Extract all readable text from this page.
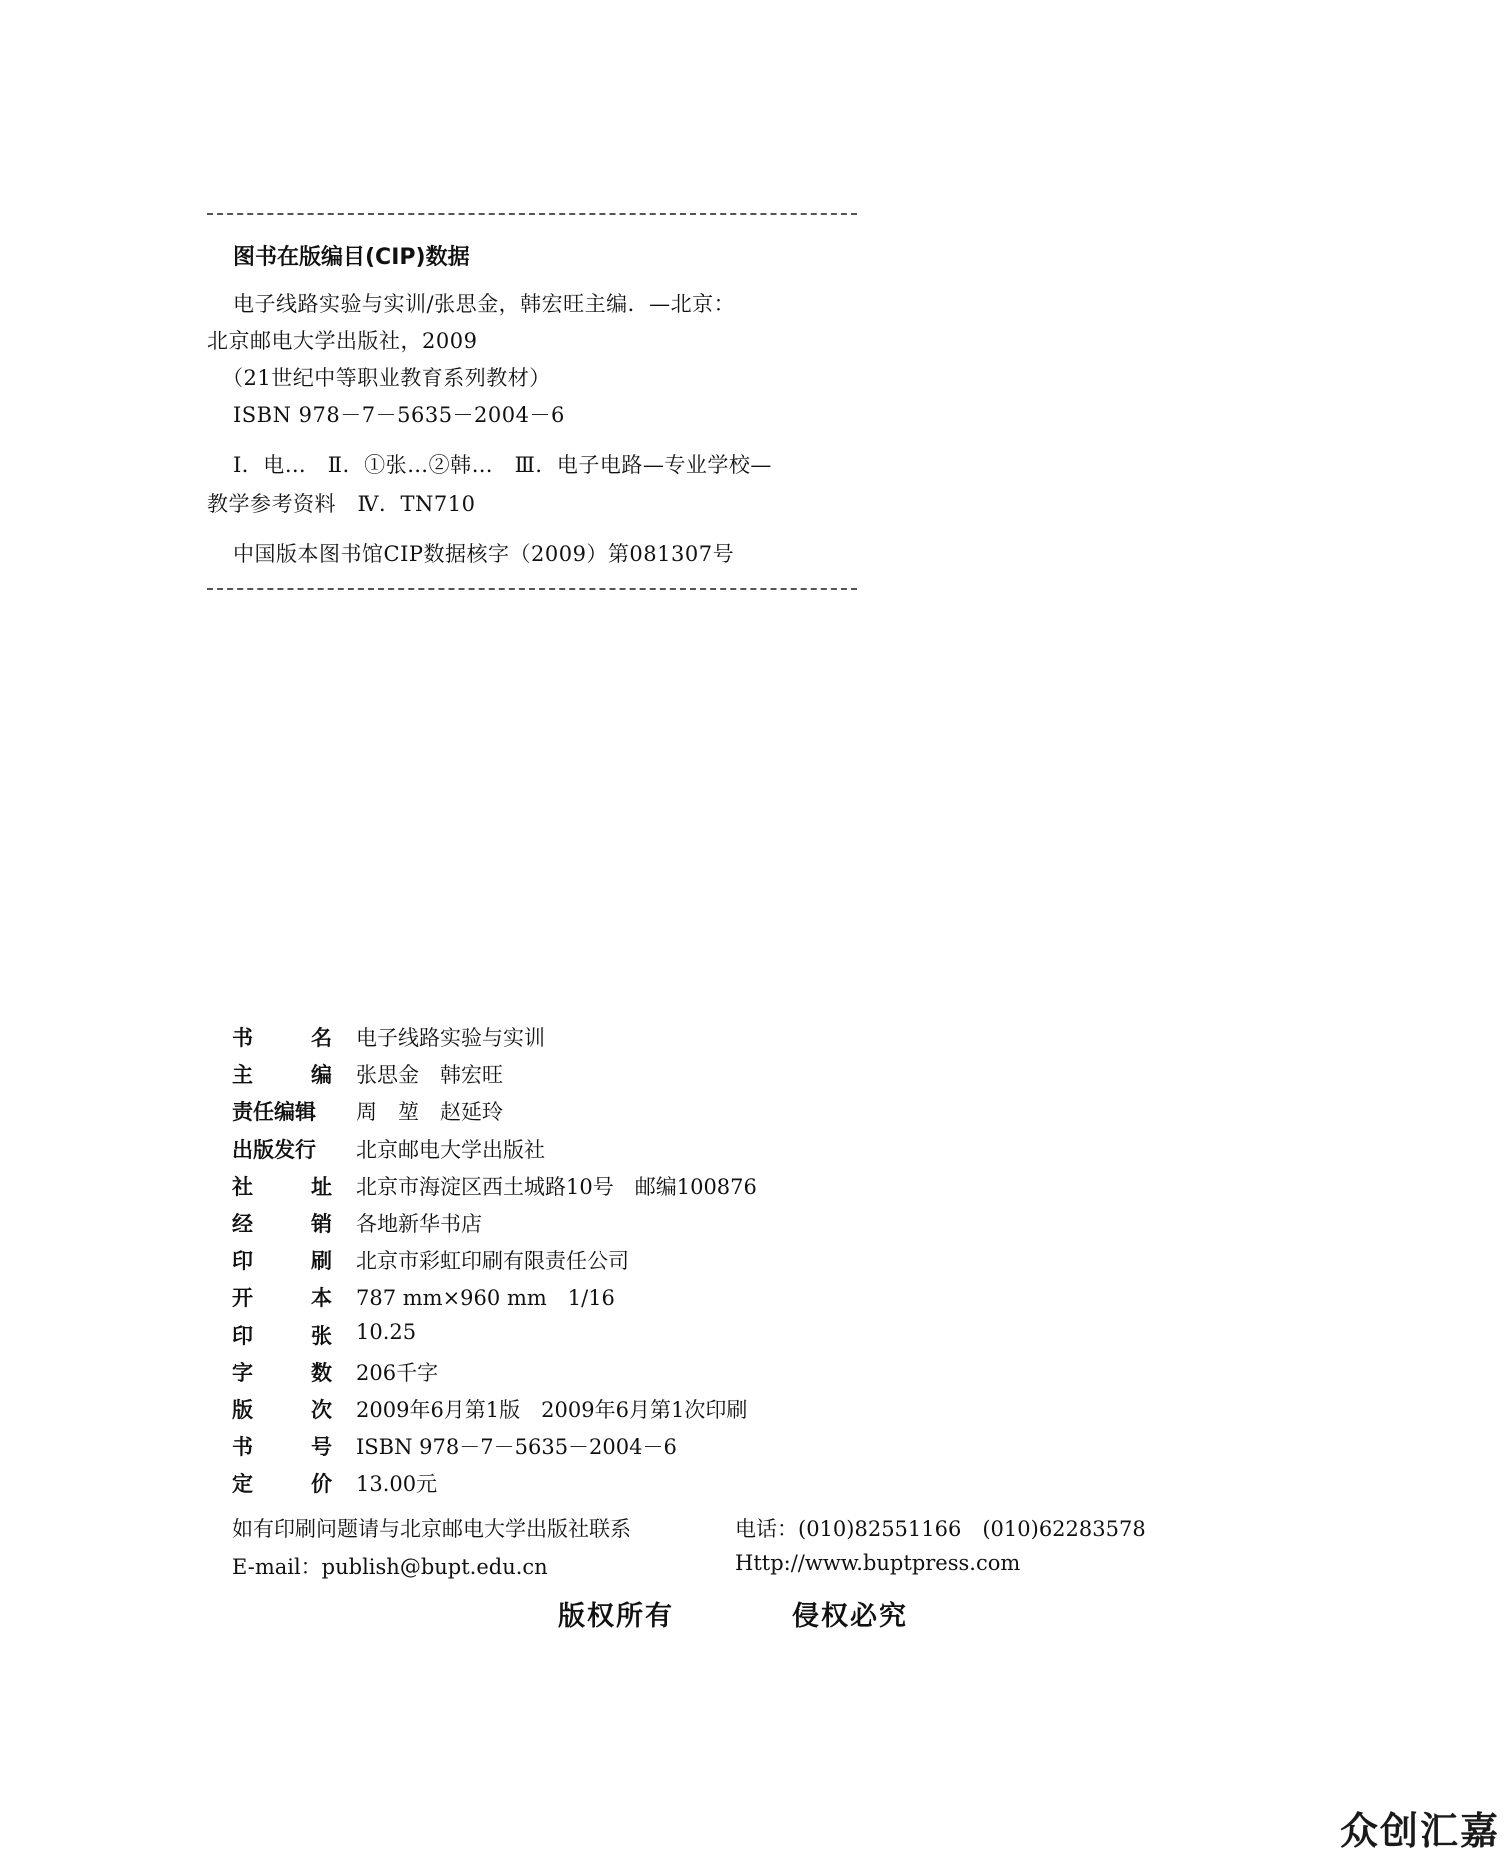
图书在版编目(CIP)数据
电子线路实验与实训/张思金，韩宏旺主编．—北京：
北京邮电大学出版社，2009
（21世纪中等职业教育系列教材）
ISBN 978－7－5635－2004－6
Ⅰ．电…　Ⅱ．①张…②韩…　Ⅲ．电子电路—专业学校—
教学参考资料　Ⅳ．TN710
中国版本图书馆CIP数据核字（2009）第081307号
书	名 电子线路实验与实训
主	编 张思金　韩宏旺
责任编辑 周　堃　赵延玲
出版发行 北京邮电大学出版社
社	址 北京市海淀区西土城路10号　邮编100876
经	销 各地新华书店
印	刷 北京市彩虹印刷有限责任公司
开	本 787 mm×960 mm　1/16
印	张 10.25
字	数 206千字
版	次 2009年6月第1版　2009年6月第1次印刷
书	号 ISBN 978－7－5635－2004－6
定	价 13.00元
如有印刷问题请与北京邮电大学出版社联系	电话：(010)82551166　(010)62283578
E-mail：publish@bupt.edu.cn	Http://www.buptpress.com
版权所有	侵权必究
众创汇嘉
